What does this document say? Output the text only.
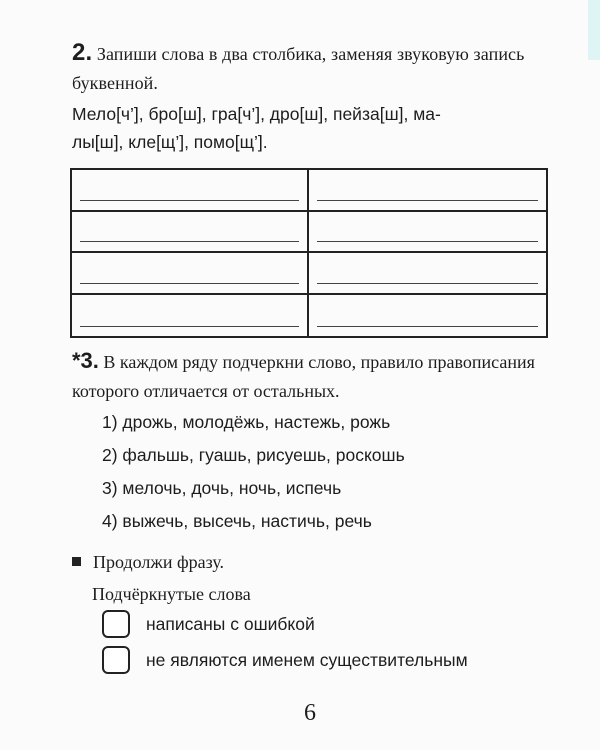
2. Запиши слова в два столбика, заменяя звуковую запись буквенной.
Мело[ч’], бро[ш], гра[ч’], дро[ш], пейза[ш], ма-
лы[ш], кле[щ’], помо[щ’].
*3. В каждом ряду подчеркни слово, правило правописания которого отличается от остальных.
1) дрожь, молодёжь, настежь, рожь
2) фальшь, гуашь, рисуешь, роскошь
3) мелочь, дочь, ночь, испечь
4) выжечь, высечь, настичь, речь
Продолжи фразу.
Подчёркнутые слова
написаны с ошибкой
не являются именем существительным
6
